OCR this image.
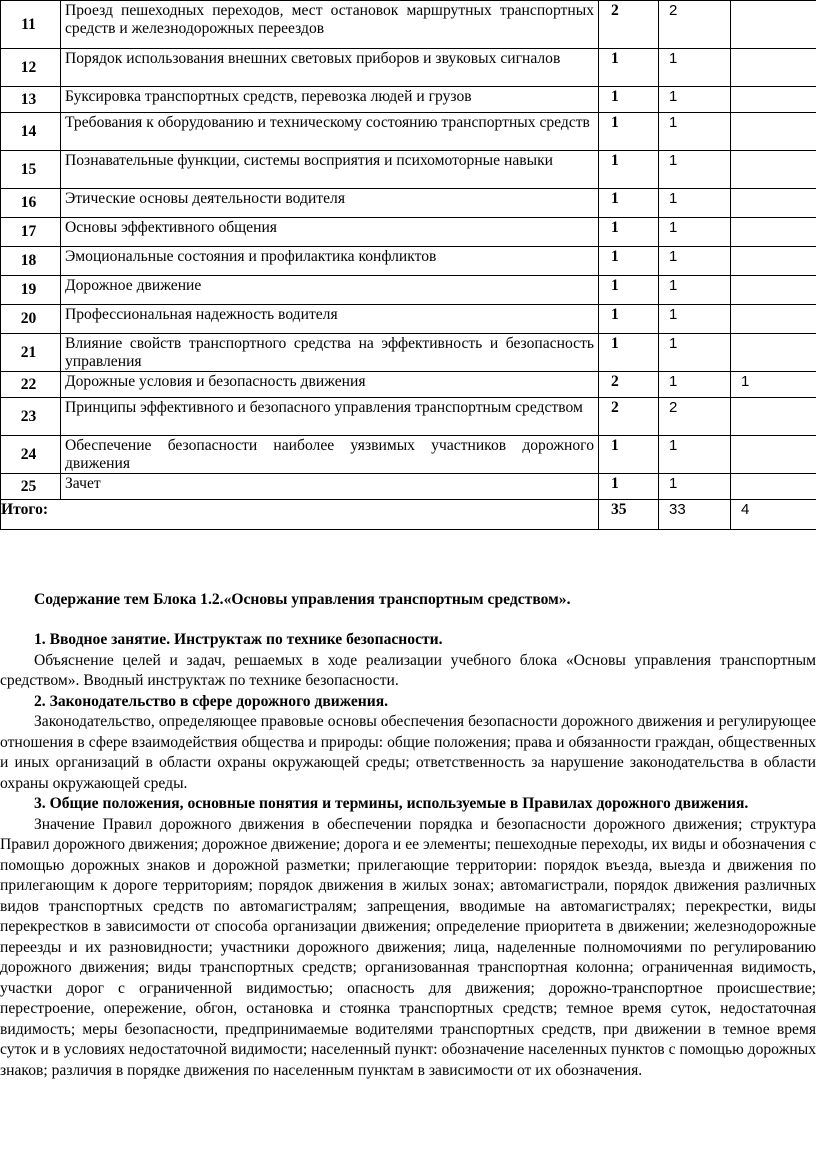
11	Проезд пешеходных переходов, мест остановок маршрутных транспортных средств и железнодорожных переездов	2	2	
12	Порядок использования внешних световых приборов и звуковых сигналов	1	1	
13	Буксировка транспортных средств, перевозка людей и грузов	1	1	
14	Требования к оборудованию и техническому состоянию транспортных средств	1	1	
15	Познавательные функции, системы восприятия и психомоторные навыки	1	1	
16	Этические основы деятельности водителя	1	1	
17	Основы эффективного общения	1	1	
18	Эмоциональные состояния и профилактика конфликтов	1	1	
19	Дорожное движение	1	1	
20	Профессиональная надежность водителя	1	1	
21	Влияние свойств транспортного средства на эффективность и безопасность управления	1	1	
22	Дорожные условия и безопасность движения	2	1	1
23	Принципы эффективного и безопасного управления транспортным средством	2	2	
24	Обеспечение безопасности наиболее уязвимых участников дорожного движения	1	1	
25	Зачет	1	1	
Итого:		35	33	4
Содержание тем Блока 1.2.«Основы управления транспортным средством».
1. Вводное занятие. Инструктаж по технике безопасности.

Объяснение целей и задач, решаемых в ходе реализации учебного блока «Основы управления транспортным средством». Вводный инструктаж по технике безопасности.

2. Законодательство в сфере дорожного движения.

Законодательство, определяющее правовые основы обеспечения безопасности дорожного движения и регулирующее отношения в сфере взаимодействия общества и природы: общие положения; права и обязанности граждан, общественных и иных организаций в области охраны окружающей среды; ответственность за нарушение законодательства в области охраны окружающей среды.

3. Общие положения, основные понятия и термины, используемые в Правилах дорожного движения.

Значение Правил дорожного движения в обеспечении порядка и безопасности дорожного движения; структура Правил дорожного движения; дорожное движение; дорога и ее элементы; пешеходные переходы, их виды и обозначения с помощью дорожных знаков и дорожной разметки; прилегающие территории: порядок въезда, выезда и движения по прилегающим к дороге территориям; порядок движения в жилых зонах; автомагистрали, порядок движения различных видов транспортных средств по автомагистралям; запрещения, вводимые на автомагистралях; перекрестки, виды перекрестков в зависимости от способа организации движения; определение приоритета в движении; железнодорожные переезды и их разновидности; участники дорожного движения; лица, наделенные полномочиями по регулированию дорожного движения; виды транспортных средств; организованная транспортная колонна; ограниченная видимость, участки дорог с ограниченной видимостью; опасность для движения; дорожно-транспортное происшествие; перестроение, опережение, обгон, остановка и стоянка транспортных средств; темное время суток, недостаточная видимость; меры безопасности, предпринимаемые водителями транспортных средств, при движении в темное время суток и в условиях недостаточной видимости; населенный пункт: обозначение населенных пунктов с помощью дорожных знаков; различия в порядке движения по населенным пунктам в зависимости от их обозначения.
